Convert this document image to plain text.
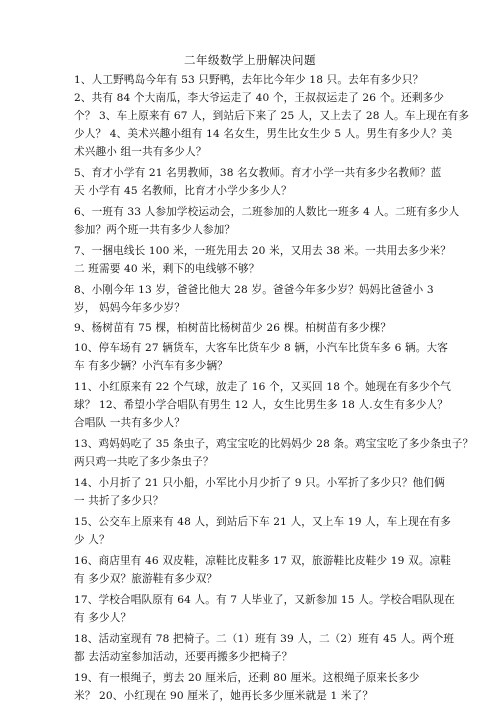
二年级数学上册解决问题
1、人工野鸭岛今年有 53 只野鸭，去年比今年少 18 只。去年有多少只？
2、共有 84 个大南瓜，李大爷运走了 40 个，王叔叔运走了 26 个。还剩多少
个？ 3、车上原来有 67 人，到站后下来了 25 人，又上去了 28 人。车上现在有多
少人？ 4、美术兴趣小组有 14 名女生，男生比女生少 5 人。男生有多少人？美
术兴趣小 组一共有多少人？
5、育才小学有 21 名男教师，38 名女教师。育才小学一共有多少名教师？蓝
天 小学有 45 名教师，比育才小学少多少人？
6、一班有 33 人参加学校运动会，二班参加的人数比一班多 4 人。二班有多少人
参加？两个班一共有多少人参加？
7、一捆电线长 100 米，一班先用去 20 米，又用去 38 米。一共用去多少米？
二 班需要 40 米，剩下的电线够不够？
8、小刚今年 13 岁，爸爸比他大 28 岁。爸爸今年多少岁？妈妈比爸爸小 3
岁， 妈妈今年多少岁？
9、杨树苗有 75 棵，柏树苗比杨树苗少 26 棵。柏树苗有多少棵？
10、停车场有 27 辆货车，大客车比货车少 8 辆，小汽车比货车多 6 辆。大客
车 有多少辆？小汽车有多少辆？
11、小红原来有 22 个气球，放走了 16 个，又买回 18 个。她现在有多少个气
球？ 12、希望小学合唱队有男生 12 人，女生比男生多 18 人.女生有多少人？
合唱队 一共有多少人？
13、鸡妈妈吃了 35 条虫子，鸡宝宝吃的比妈妈少 28 条。鸡宝宝吃了多少条虫子？
两只鸡一共吃了多少条虫子？
14、小月折了 21 只小船，小军比小月少折了 9 只。小军折了多少只？他们俩
一 共折了多少只？
15、公交车上原来有 48 人，到站后下车 21 人，又上车 19 人，车上现在有多
少 人？
16、商店里有 46 双皮鞋，凉鞋比皮鞋多 17 双，旅游鞋比皮鞋少 19 双。凉鞋
有 多少双？旅游鞋有多少双？
17、学校合唱队原有 64 人。有 7 人毕业了，又新参加 15 人。学校合唱队现在
有 多少人？
18、活动室现有 78 把椅子。二（1）班有 39 人，二（2）班有 45 人。两个班
都 去活动室参加活动，还要再搬多少把椅子？
19、有一根绳子，剪去 20 厘米后，还剩 80 厘米。这根绳子原来长多少
米？ 20、小红现在 90 厘米了，她再长多少厘米就是 1 米了？
